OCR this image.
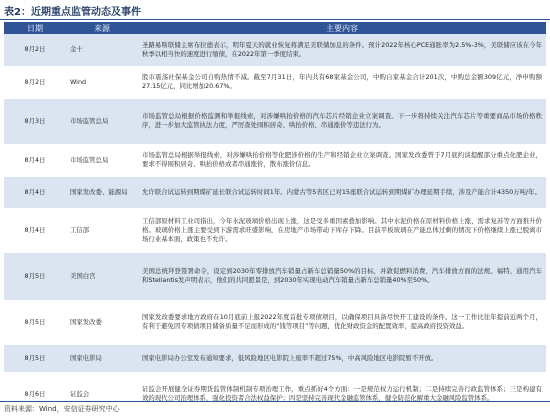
表2：近期重点监管动态及事件
日期	来源	主要内容
8月2日	金十	圣路易斯联储主席布拉德表示，明年夏天的就业恢复将满足美联储加息的条件。预计2022年核心PCE通胀率为2.5%-3%，美联储应该在今年秋季以相当快的速度进行缩债，在2022年第一季度结束。
8月2日	Wind	股市震荡社保基金公司自购热情不减。截至7月31日，年内共有68家基金公司，中购自家基金合计201次，中购总金额309亿元，净申购额27.15亿元，同比增加20.67%。
8月3日	市场监管总局	市场监管总局根据价格监测和举报线索，对涉嫌哄抬价格的汽车芯片经销企业立案调查。下一步将持续关注汽车芯片等重要商品市场价格秩序，进一步加大监管执法力度，严厉查处囤积居奇、哄抬价格、串通涨价等违法行为。
8月4日	市场监管总局	市场监管总局根据举报线索，对涉嫌哄抬价格等化肥涉价格的生产和经销企业立案调查。国家发改委曾于7月底约谈提醒部分重点化肥企业，要求不得囤积居奇、哄抬价格或者串通涨价，散布涨价信息。
8月4日	国家发改委、能源局	允许联合试运转到期煤矿延长联合试运转时间1年。内蒙古等5省区已对15座联合试运转到期煤矿办理延期手续，涉及产能合计4350万吨/年。
8月4日	工信部	工信部原材料工业司指出，今年水泥玻璃价格出现上涨，这是受多重因素叠加影响。其中水泥价格在原材料价格上涨、需求复苏等方面推升价格。玻璃价格上涨主要受到下游需求旺盛影响，在房地产市场带动下库存下降。目前平板玻璃在产能总体过剩的情况下价格继续上涨已脱离市场行业基本面，政策也不允许。
8月5日	美国白宫	美国总统拜登签署命令，设定到2030年零排放汽车销量占新车总销量50%的目标，并敦促燃料消费、汽车排放方面的法规。福特、通用汽车和Stellantis发声明表示，他们的共同愿景是，到2030年实现电动汽车销量占新车总销量40%至50%。
8月5日	国家发改委	国家发改委要求地方政府在10月底前上报2022年度首批专项债项目，以确保项目具备尽快开工建设的条件。这一工作比往年提前近两个月，有利于避免因专项债项目储备质量不足而形成的“钱等项目”等问题，优化财政资金的配置效率，提高政府投资效益。
8月5日	国家电影局	国家电影局办公室发布通知要求，低风险地区电影院上座率不超过75%，中高风险地区电影院暂不开放。
8月6日	证监会	证监会开展健全证券期货监管体制机制专项治理工作，重点抓好4个方面：一是规范权力运行机制；二是持续完善行政监管体系；三是构建有效的现代公司治理体系，强化投资者合法权益保护；四是坚持完善现代金融监管体系，健全防范化解重大金融风险监管体系。
资料来源：Wind，安信证券研究中心
